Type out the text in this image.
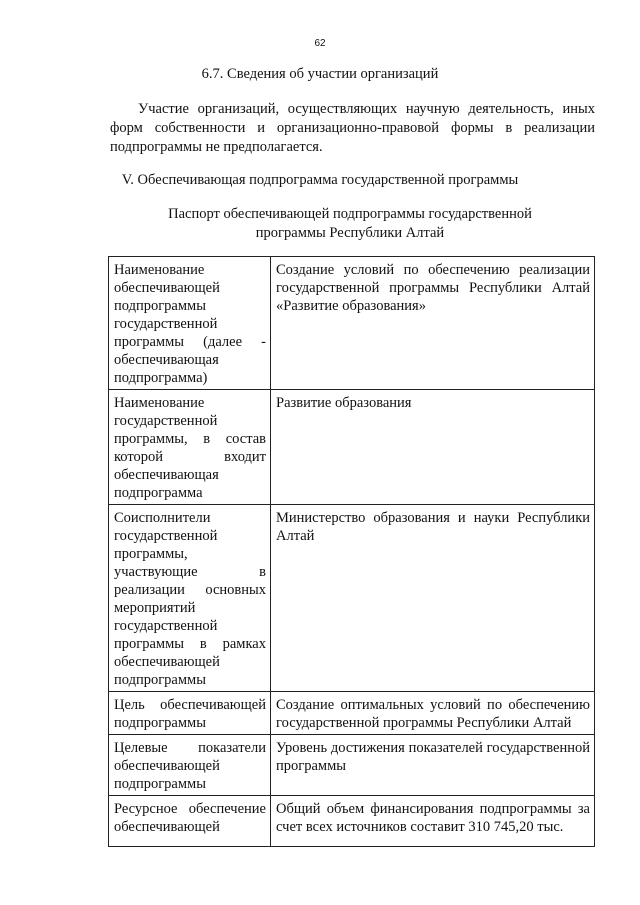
62
6.7. Сведения об участии организаций

Участие организаций, осуществляющих научную деятельность, иных форм собственности и организационно-правовой формы в реализации подпрограммы не предполагается.

V. Обеспечивающая подпрограмма государственной программы
Паспорт обеспечивающей подпрограммы государственной
программы Республики Алтай
Наименование обеспечивающей подпрограммы государственной программы (далее - обеспечивающая подпрограмма)	Создание условий по обеспечению реализации государственной программы Республики Алтай «Развитие образования»
Наименование государственной программы, в состав которой входит обеспечивающая подпрограмма	Развитие образования
Соисполнители государственной программы, участвующие в реализации основных мероприятий государственной программы в рамках обеспечивающей подпрограммы	Министерство образования и науки Республики Алтай
Цель обеспечивающей подпрограммы	Создание оптимальных условий по обеспечению государственной программы Республики Алтай
Целевые показатели обеспечивающей подпрограммы	Уровень достижения показателей государственной программы
Ресурсное обеспечение обеспечивающей	Общий объем финансирования подпрограммы за счет всех источников составит 310 745,20 тыс.
